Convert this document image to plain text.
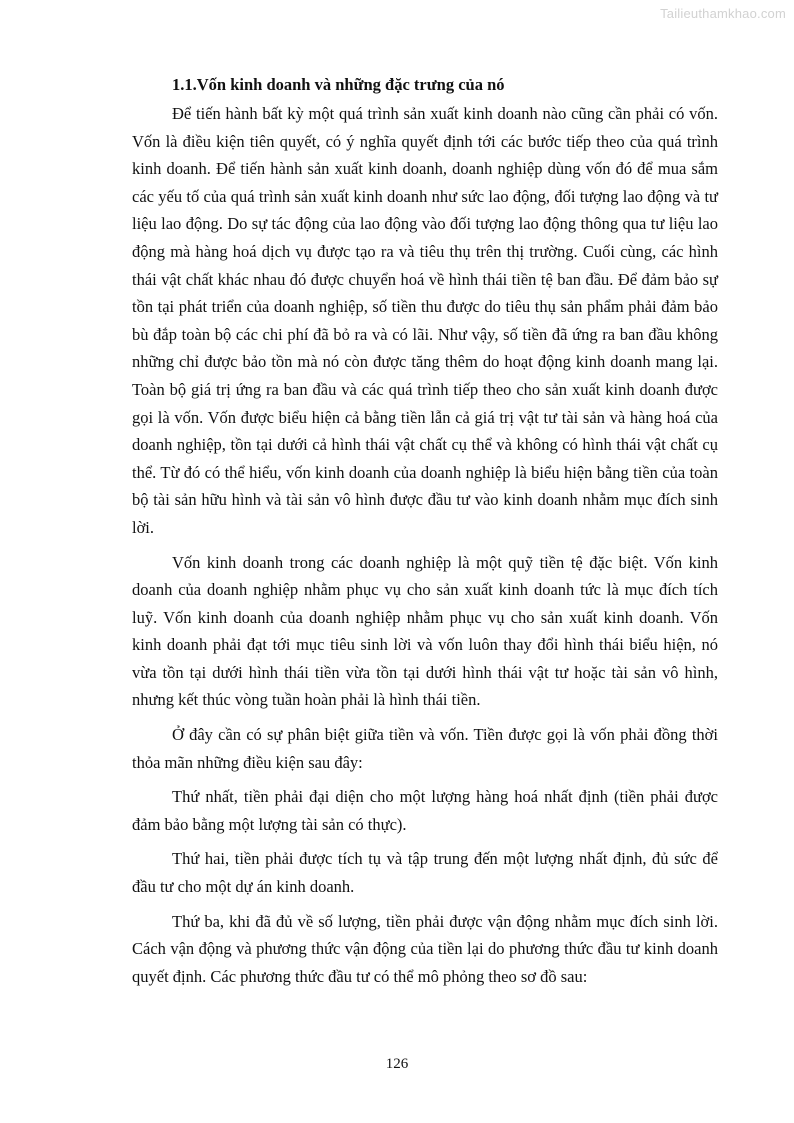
Tailieuthamkhao.com
1.1.Vốn kinh doanh và những đặc trưng của nó

Để tiến hành bất kỳ một quá trình sản xuất kinh doanh nào cũng cần phải có vốn. Vốn là điều kiện tiên quyết, có ý nghĩa quyết định tới các bước tiếp theo của quá trình kinh doanh. Để tiến hành sản xuất kinh doanh, doanh nghiệp dùng vốn đó để mua sắm các yếu tố của quá trình sản xuất kinh doanh như sức lao động, đối tượng lao động và tư liệu lao động. Do sự tác động của lao động vào đối tượng lao động thông qua tư liệu lao động mà hàng hoá dịch vụ được tạo ra và tiêu thụ trên thị trường. Cuối cùng, các hình thái vật chất khác nhau đó được chuyển hoá về hình thái tiền tệ ban đầu. Để đảm bảo sự tồn tại phát triển của doanh nghiệp, số tiền thu được do tiêu thụ sản phẩm phải đảm bảo bù đắp toàn bộ các chi phí đã bỏ ra và có lãi. Như vậy, số tiền đã ứng ra ban đầu không những chỉ được bảo tồn mà nó còn được tăng thêm do hoạt động kinh doanh mang lại. Toàn bộ giá trị ứng ra ban đầu và các quá trình tiếp theo cho sản xuất kinh doanh được gọi là vốn. Vốn được biểu hiện cả bằng tiền lẫn cả giá trị vật tư tài sản và hàng hoá của doanh nghiệp, tồn tại dưới cả hình thái vật chất cụ thể và không có hình thái vật chất cụ thể. Từ đó có thể hiểu, vốn kinh doanh của doanh nghiệp là biểu hiện bằng tiền của toàn bộ tài sản hữu hình và tài sản vô hình được đầu tư vào kinh doanh nhằm mục đích sinh lời.

Vốn kinh doanh trong các doanh nghiệp là một quỹ tiền tệ đặc biệt. Vốn kinh doanh của doanh nghiệp nhằm phục vụ cho sản xuất kinh doanh tức là mục đích tích luỹ. Vốn kinh doanh của doanh nghiệp nhằm phục vụ cho sản xuất kinh doanh. Vốn kinh doanh phải đạt tới mục tiêu sinh lời và vốn luôn thay đổi hình thái biểu hiện, nó vừa tồn tại dưới hình thái tiền vừa tồn tại dưới hình thái vật tư hoặc tài sản vô hình, nhưng kết thúc vòng tuần hoàn phải là hình thái tiền.

Ở đây cần có sự phân biệt giữa tiền và vốn. Tiền được gọi là vốn phải đồng thời thỏa mãn những điều kiện sau đây:

Thứ nhất, tiền phải đại diện cho một lượng hàng hoá nhất định (tiền phải được đảm bảo bằng một lượng tài sản có thực).

Thứ hai, tiền phải được tích tụ và tập trung đến một lượng nhất định, đủ sức để đầu tư cho một dự án kinh doanh.

Thứ ba, khi đã đủ về số lượng, tiền phải được vận động nhằm mục đích sinh lời. Cách vận động và phương thức vận động của tiền lại do phương thức đầu tư kinh doanh quyết định. Các phương thức đầu tư có thể mô phỏng theo sơ đồ sau:

126
